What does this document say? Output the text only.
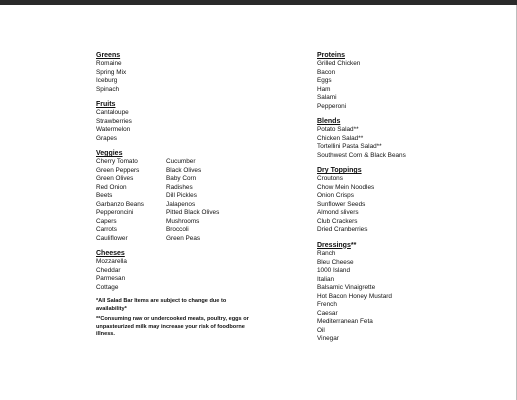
Greens
Romaine
Spring Mix
Iceburg
Spinach
Fruits
Cantaloupe
Strawberries
Watermelon
Grapes
Veggies
Cherry Tomato
Green Peppers
Green Olives
Red Onion
Beets
Garbanzo Beans
Pepperoncini
Capers
Carrots
Cauliflower
Cucumber
Black Olives
Baby Corn
Radishes
Dill Pickles
Jalapenos
Pitted Black Olives
Mushrooms
Broccoli
Green Peas
Cheeses
Mozzarella
Cheddar
Parmesan
Cottage

*All Salad Bar Items are subject to change due to availability*

**Consuming raw or undercooked meats, poultry, eggs or unpasteurized milk may increase your risk of foodborne illness.

Proteins
Grilled Chicken
Bacon
Eggs
Ham
Salami
Pepperoni
Blends
Potato Salad**
Chicken Salad**
Tortellini Pasta Salad**
Southwest Corn & Black Beans
Dry Toppings
Croutons
Chow Mein Noodles
Onion Crisps
Sunflower Seeds
Almond slivers
Club Crackers
Dried Cranberries
Dressings**
Ranch
Bleu Cheese
1000 Island
Italian
Balsamic Vinaigrette
Hot Bacon Honey Mustard
French
Caesar
Mediterranean Feta
Oil
Vinegar
